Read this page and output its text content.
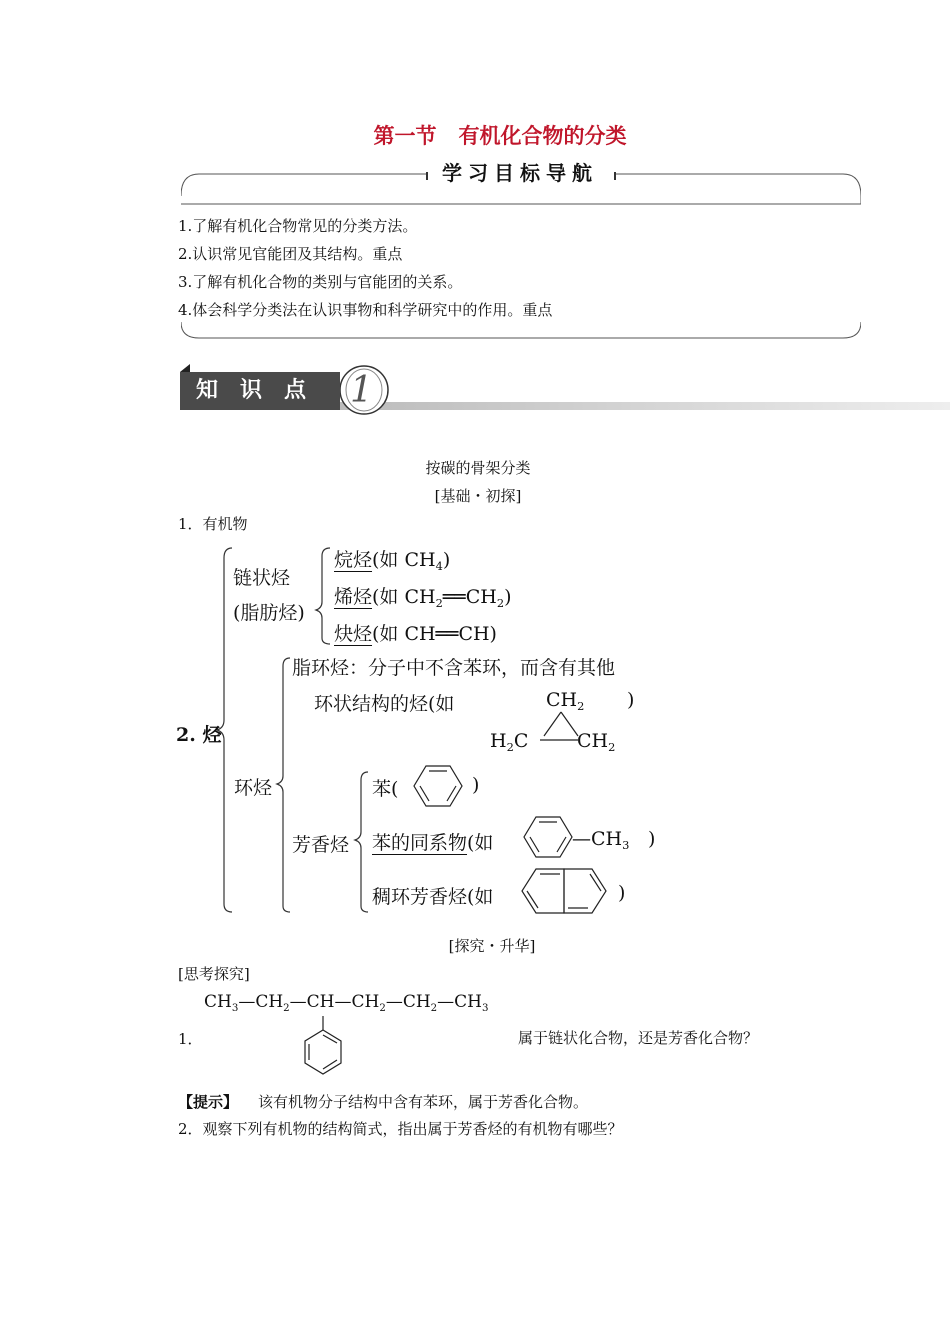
第一节 有机化合物的分类
学习目标导航
1.了解有机化合物常见的分类方法。
2.认识常见官能团及其结构。重点
3.了解有机化合物的类别与官能团的关系。
4.体会科学分类法在认识事物和科学研究中的作用。重点
知识点 1
按碳的骨架分类
[基础・初探]
1．有机物
2. 烃
链状烃
(脂肪烃)
烷烃(如 $CH_4$)
烯烃(如 $CH_2══CH_2$)
炔烃(如 CH══CH)
环烃
脂环烃：分子中不含苯环，而含有其他
环状结构的烃(如	)
$CH_2$
$H_2C$	$CH_2$
芳香烃
苯(	)
苯的同系物(如	$—CH_3$ )
稠环芳香烃(如	)
[探究・升华]
[思考探究]
$CH_3—CH_2—CH—CH_2—CH_2—CH_3$
1．	属于链状化合物，还是芳香化合物？
【提示】 该有机物分子结构中含有苯环，属于芳香化合物。
2．观察下列有机物的结构简式，指出属于芳香烃的有机物有哪些？
